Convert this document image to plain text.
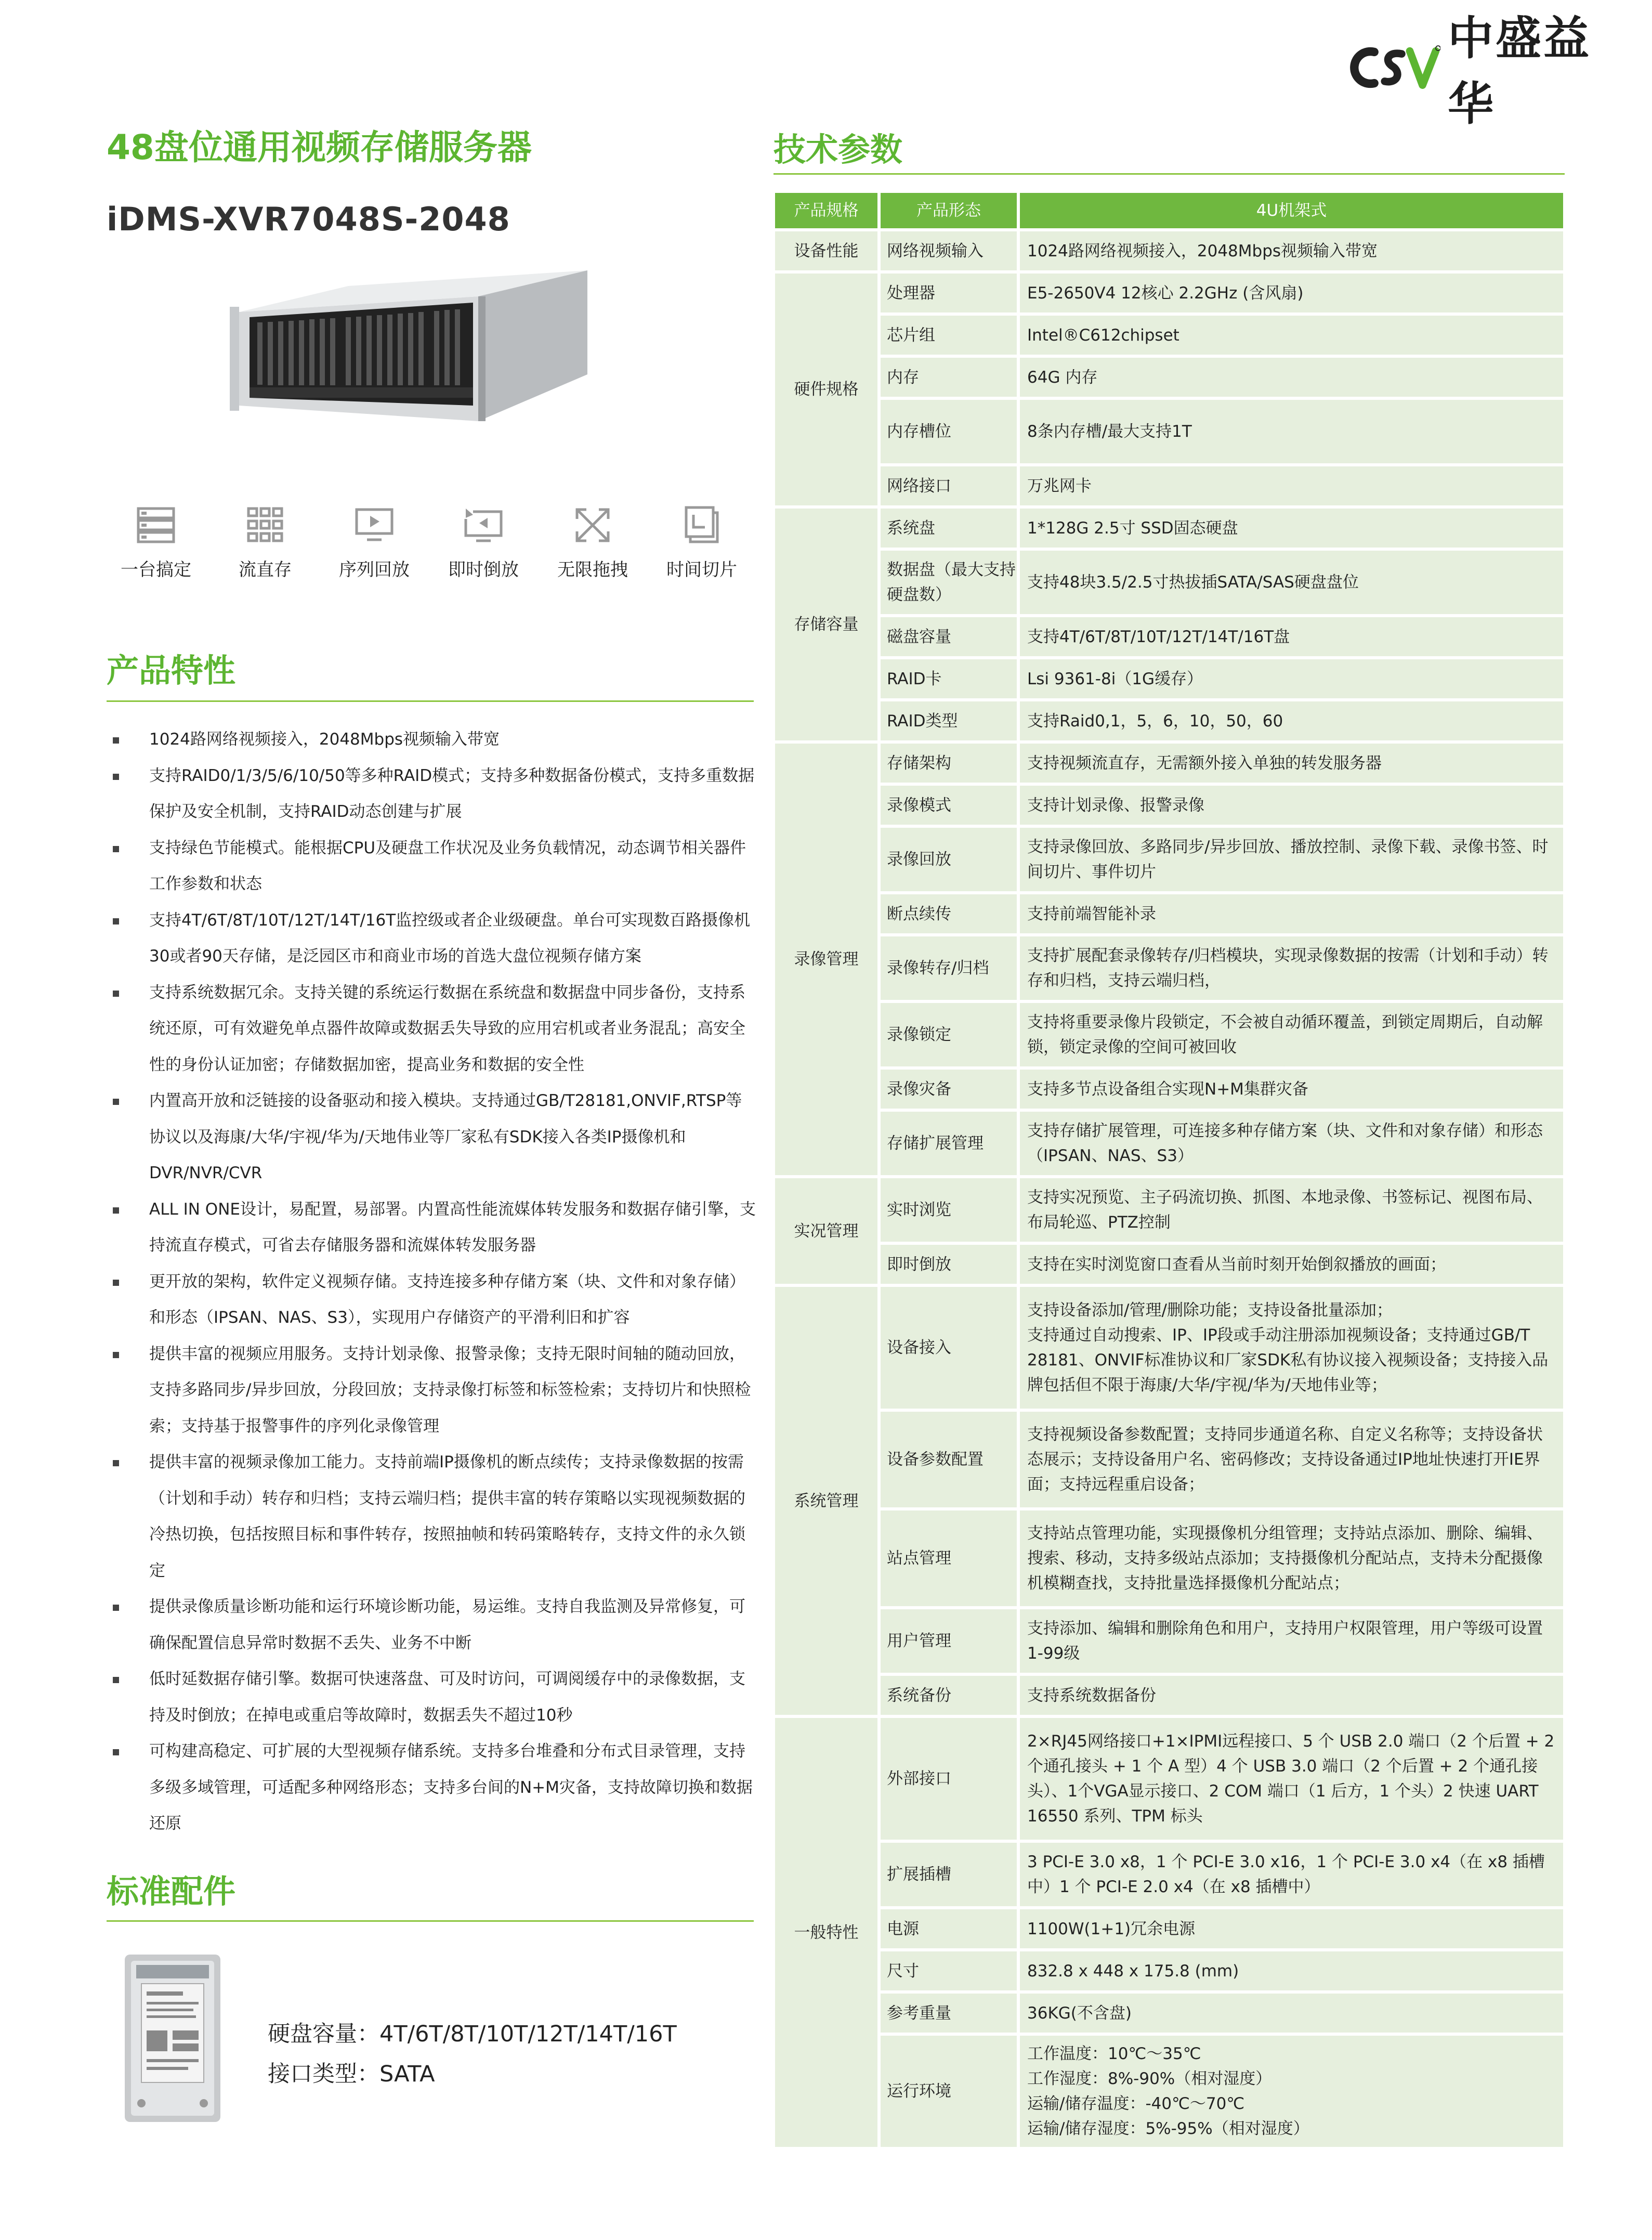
中盛益华
48盘位通用视频存储服务器
iDMS-XVR7048S-2048
一台搞定	流直存	序列回放	即时倒放	无限拖拽	时间切片
产品特性
1024路网络视频接入，2048Mbps视频输入带宽
支持RAID0/1/3/5/6/10/50等多种RAID模式；支持多种数据备份模式，支持多重数据保护及安全机制，支持RAID动态创建与扩展
支持绿色节能模式。能根据CPU及硬盘工作状况及业务负载情况，动态调节相关器件工作参数和状态
支持4T/6T/8T/10T/12T/14T/16T监控级或者企业级硬盘。单台可实现数百路摄像机30或者90天存储，是泛园区市和商业市场的首选大盘位视频存储方案
支持系统数据冗余。支持关键的系统运行数据在系统盘和数据盘中同步备份，支持系统还原，可有效避免单点器件故障或数据丢失导致的应用宕机或者业务混乱；高安全性的身份认证加密；存储数据加密，提高业务和数据的安全性
内置高开放和泛链接的设备驱动和接入模块。支持通过GB/T28181,ONVIF,RTSP等协议以及海康/大华/宇视/华为/天地伟业等厂家私有SDK接入各类IP摄像机和DVR/NVR/CVR
ALL IN ONE设计，易配置，易部署。内置高性能流媒体转发服务和数据存储引擎，支持流直存模式，可省去存储服务器和流媒体转发服务器
更开放的架构，软件定义视频存储。支持连接多种存储方案（块、文件和对象存储）和形态（IPSAN、NAS、S3），实现用户存储资产的平滑利旧和扩容
提供丰富的视频应用服务。支持计划录像、报警录像；支持无限时间轴的随动回放，支持多路同步/异步回放，分段回放；支持录像打标签和标签检索；支持切片和快照检索；支持基于报警事件的序列化录像管理
提供丰富的视频录像加工能力。支持前端IP摄像机的断点续传；支持录像数据的按需（计划和手动）转存和归档；支持云端归档；提供丰富的转存策略以实现视频数据的冷热切换，包括按照目标和事件转存，按照抽帧和转码策略转存，支持文件的永久锁定
提供录像质量诊断功能和运行环境诊断功能，易运维。支持自我监测及异常修复，可确保配置信息异常时数据不丢失、业务不中断
低时延数据存储引擎。数据可快速落盘、可及时访问，可调阅缓存中的录像数据，支持及时倒放；在掉电或重启等故障时，数据丢失不超过10秒
可构建高稳定、可扩展的大型视频存储系统。支持多台堆叠和分布式目录管理，支持多级多域管理，可适配多种网络形态；支持多台间的N+M灾备，支持故障切换和数据还原
标准配件
硬盘容量：4T/6T/8T/10T/12T/14T/16T
接口类型：SATA
技术参数
产品规格	产品形态	4U机架式
设备性能	网络视频输入	1024路网络视频接入，2048Mbps视频输入带宽
硬件规格	处理器	E5-2650V4 12核心 2.2GHz (含风扇)
	芯片组	Intel®C612chipset
	内存	64G 内存
	内存槽位	8条内存槽/最大支持1T
	网络接口	万兆网卡
存储容量	系统盘	1*128G 2.5寸 SSD固态硬盘
	数据盘（最大支持硬盘数）	支持48块3.5/2.5寸热拔插SATA/SAS硬盘盘位
	磁盘容量	支持4T/6T/8T/10T/12T/14T/16T盘
	RAID卡	Lsi 9361-8i（1G缓存）
	RAID类型	支持Raid0,1，5，6，10，50，60
录像管理	存储架构	支持视频流直存，无需额外接入单独的转发服务器
	录像模式	支持计划录像、报警录像
	录像回放	支持录像回放、多路同步/异步回放、播放控制、录像下载、录像书签、时间切片、事件切片
	断点续传	支持前端智能补录
	录像转存/归档	支持扩展配套录像转存/归档模块，实现录像数据的按需（计划和手动）转存和归档，支持云端归档，
	录像锁定	支持将重要录像片段锁定，不会被自动循环覆盖，到锁定周期后，自动解锁，锁定录像的空间可被回收
	录像灾备	支持多节点设备组合实现N+M集群灾备
	存储扩展管理	支持存储扩展管理，可连接多种存储方案（块、文件和对象存储）和形态（IPSAN、NAS、S3）
实况管理	实时浏览	支持实况预览、主子码流切换、抓图、本地录像、书签标记、视图布局、布局轮巡、PTZ控制
	即时倒放	支持在实时浏览窗口查看从当前时刻开始倒叙播放的画面；
系统管理	设备接入	支持设备添加/管理/删除功能；支持设备批量添加；
支持通过自动搜索、IP、IP段或手动注册添加视频设备；支持通过GB/T 28181、ONVIF标准协议和厂家SDK私有协议接入视频设备；支持接入品牌包括但不限于海康/大华/宇视/华为/天地伟业等；

	设备参数配置	支持视频设备参数配置；支持同步通道名称、自定义名称等；支持设备状态展示；支持设备用户名、密码修改；支持设备通过IP地址快速打开IE界面；支持远程重启设备；
	站点管理	支持站点管理功能，实现摄像机分组管理；支持站点添加、删除、编辑、搜索、移动，支持多级站点添加；支持摄像机分配站点，支持未分配摄像机模糊查找，支持批量选择摄像机分配站点；
	用户管理	支持添加、编辑和删除角色和用户，支持用户权限管理，用户等级可设置1-99级
	系统备份	支持系统数据备份
一般特性	外部接口	2×RJ45网络接口+1×IPMI远程接口、5 个 USB 2.0 端口（2 个后置 + 2 个通孔接头 + 1 个 A 型）4 个 USB 3.0 端口（2 个后置 + 2 个通孔接头）、1个VGA显示接口、2 COM 端口（1 后方，1 个头）2 快速 UART 16550 系列、TPM 标头
	扩展插槽	3 PCI-E 3.0 x8，1 个 PCI-E 3.0 x16，1 个 PCI-E 3.0 x4（在 x8 插槽中）1 个 PCI-E 2.0 x4（在 x8 插槽中）
	电源	1100W(1+1)冗余电源
	尺寸	832.8 x 448 x 175.8 (mm)
	参考重量	36KG(不含盘)
	运行环境	工作温度：10℃～35℃
工作湿度：8%-90%（相对湿度）
运输/储存温度：-40℃～70℃
运输/储存湿度：5%-95%（相对湿度）
